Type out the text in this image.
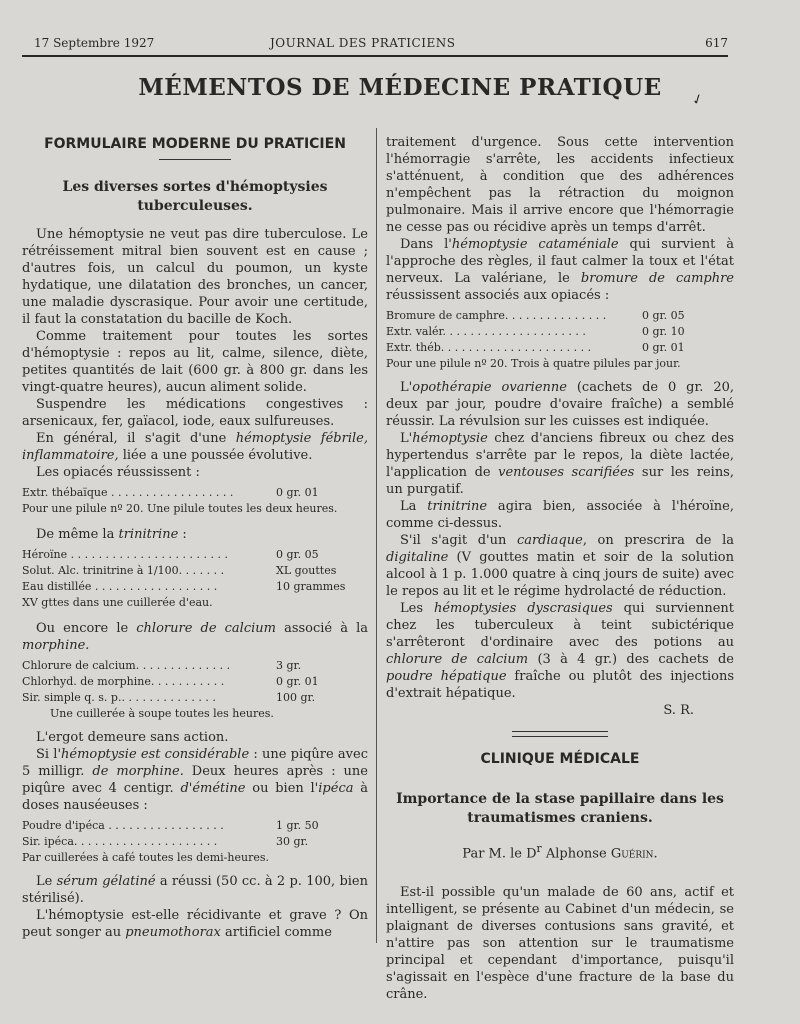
17 Septembre 1927	JOURNAL DES PRATICIENS	617
MÉMENTOS DE MÉDECINE PRATIQUE	✓
FORMULAIRE MODERNE DU PRATICIEN
Les diverses sortes d'hémoptysies tuberculeuses.

Une hémoptysie ne veut pas dire tuberculose. Le rétréissement mitral bien souvent est en cause ; d'autres fois, un calcul du poumon, un kyste hydatique, une dilatation des bronches, un cancer, une maladie dyscrasique. Pour avoir une certitude, il faut la constatation du bacille de Koch.

Comme traitement pour toutes les sortes d'hémoptysie : repos au lit, calme, silence, diète, petites quantités de lait (600 gr. à 800 gr. dans les vingt-quatre heures), aucun aliment solide.

Suspendre les médications congestives : arsenicaux, fer, gaïacol, iode, eaux sulfureuses.

En général, il s'agit d'une hémoptysie fébrile, inflammatoire, liée a une poussée évolutive.

Les opiacés réussissent :

Extr. thébaïque . . . . . . . . . . . . . . . . . .	0 gr. 01

Pour une pilule nº 20. Une pilule toutes les deux heures.

De même la trinitrine :

Héroïne . . . . . . . . . . . . . . . . . . . . . . .	0 gr. 05
Solut. Alc. trinitrine à 1/100. . . . . . .	XL gouttes
Eau distillée . . . . . . . . . . . . . . . . . .	10 grammes

XV gttes dans une cuillerée d'eau.

Ou encore le chlorure de calcium associé à la morphine.

Chlorure de calcium. . . . . . . . . . . . . .	3 gr.
Chlorhyd. de morphine. . . . . . . . . . .	0 gr. 01
Sir. simple q. s. p.. . . . . . . . . . . . . .	100 gr.

Une cuillerée à soupe toutes les heures.

L'ergot demeure sans action.

Si l'hémoptysie est considérable : une piqûre avec 5 milligr. de morphine. Deux heures après : une piqûre avec 4 centigr. d'émétine ou bien l'ipéca à doses nauséeuses :

Poudre d'ipéca . . . . . . . . . . . . . . . . .	1 gr. 50
Sir. ipéca. . . . . . . . . . . . . . . . . . . . .	30 gr.

Par cuillerées à café toutes les demi-heures.

Le sérum gélatiné a réussi (50 cc. à 2 p. 100, bien stérilisé).

L'hémoptysie est-elle récidivante et grave ? On peut songer au pneumothorax artificiel comme

traitement d'urgence. Sous cette intervention l'hémorragie s'arrête, les accidents infectieux s'atténuent, à condition que des adhérences n'empêchent pas la rétraction du moignon pulmonaire. Mais il arrive encore que l'hémorragie ne cesse pas ou récidive après un temps d'arrêt.

Dans l'hémoptysie cataméniale qui survient à l'approche des règles, il faut calmer la toux et l'état nerveux. La valériane, le bromure de camphre réussissent associés aux opiacés :

Bromure de camphre. . . . . . . . . . . . . . .	0 gr. 05
Extr. valér. . . . . . . . . . . . . . . . . . . . .	0 gr. 10
Extr. théb. . . . . . . . . . . . . . . . . . . . . .	0 gr. 01

Pour une pilule nº 20. Trois à quatre pilules par jour.

L'opothérapie ovarienne (cachets de 0 gr. 20, deux par jour, poudre d'ovaire fraîche) a semblé réussir. La révulsion sur les cuisses est indiquée.

L'hémoptysie chez d'anciens fibreux ou chez des hypertendus s'arrête par le repos, la diète lactée, l'application de ventouses scarifiées sur les reins, un purgatif.

La trinitrine agira bien, associée à l'héroïne, comme ci-dessus.

S'il s'agit d'un cardiaque, on prescrira de la digitaline (V gouttes matin et soir de la solution alcool à 1 p. 1.000 quatre à cinq jours de suite) avec le repos au lit et le régime hydrolacté de réduction.

Les hémoptysies dyscrasiques qui surviennent chez les tuberculeux à teint subictérique s'arrêteront d'ordinaire avec des potions au chlorure de calcium (3 à 4 gr.) des cachets de poudre hépatique fraîche ou plutôt des injections d'extrait hépatique.

S. R.
CLINIQUE MÉDICALE
Importance de la stase papillaire dans les traumatismes craniens.
Par M. le $D^r$ Alphonse Guérin.

Est-il possible qu'un malade de 60 ans, actif et intelligent, se présente au Cabinet d'un médecin, se plaignant de diverses contusions sans gravité, et n'attire pas son attention sur le traumatisme principal et cependant d'importance, puisqu'il s'agissait en l'espèce d'une fracture de la base du crâne.
